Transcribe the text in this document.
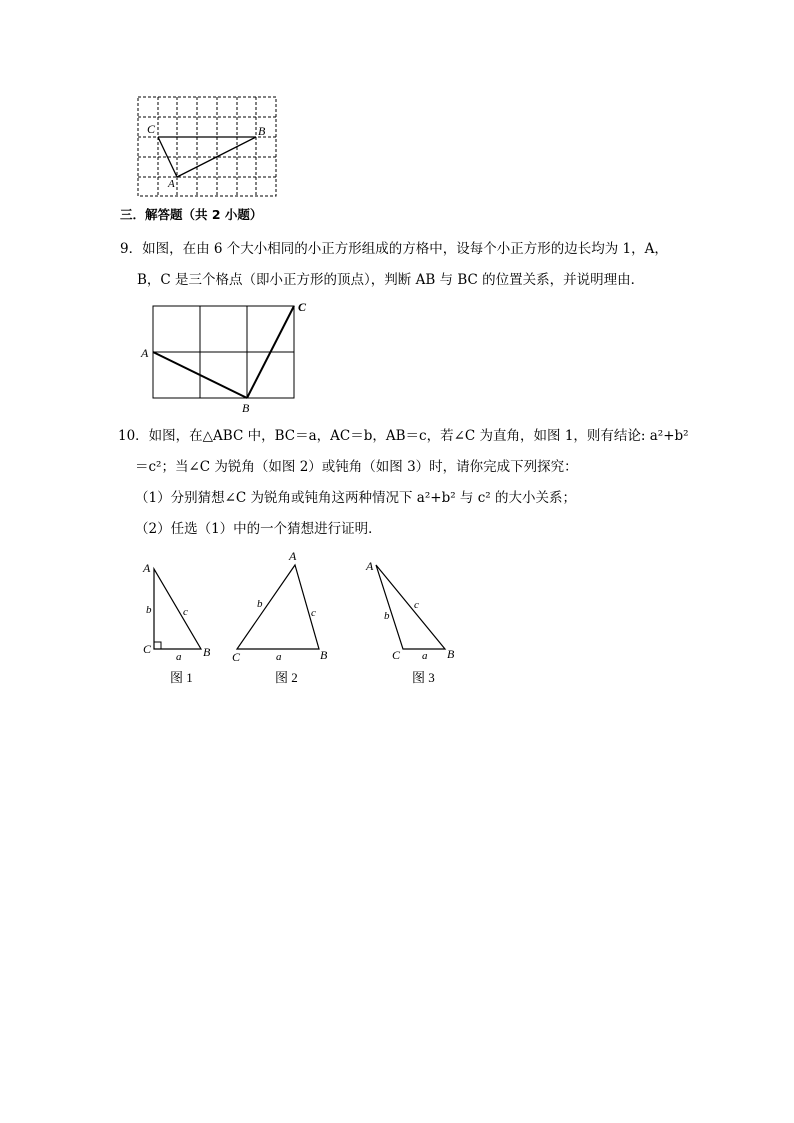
C	B
A
三．解答题（共 2 小题）
9．如图，在由 6 个大小相同的小正方形组成的方格中，设每个小正方形的边长均为 1，A，
B，C 是三个格点（即小正方形的顶点），判断 AB 与 BC 的位置关系，并说明理由．
A
B
C
10．如图，在△ABC 中，BC＝a，AC＝b，AB＝c，若∠C 为直角，如图 1，则有结论: a²+b²
＝c²；当∠C 为锐角（如图 2）或钝角（如图 3）时，请你完成下列探究：
（1）分别猜想∠C 为锐角或钝角这两种情况下 a²+b² 与 c² 的大小关系；
（2）任选（1）中的一个猜想进行证明．
A
C	B
b	c
a
图 1
A
C	B
b
c
a
图 2
A
C	B
b
c
a
图 3
